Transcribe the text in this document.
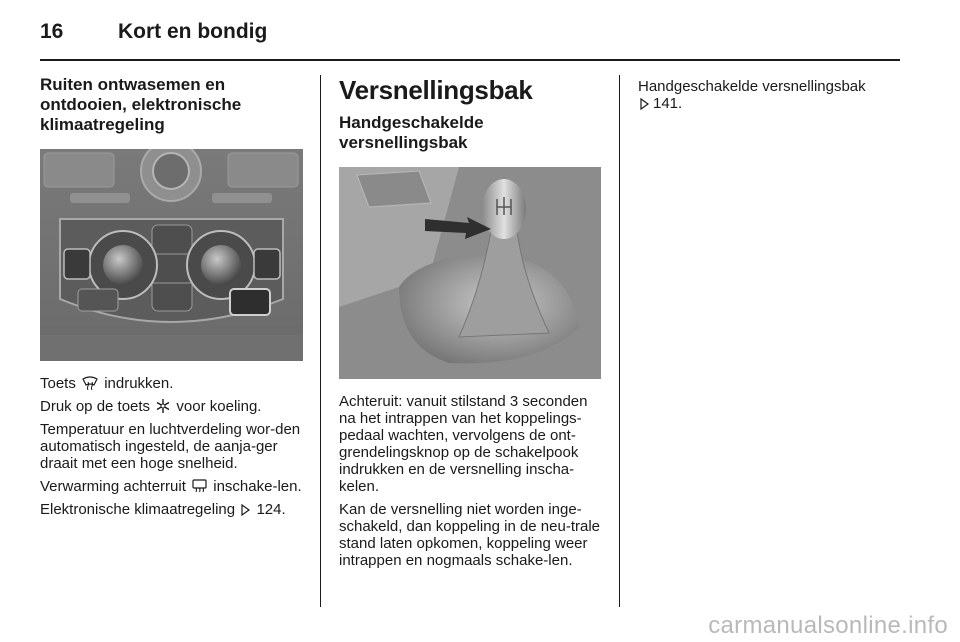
16	Kort en bondig
Ruiten ontwasemen en ontdooien, elektronische klimaatregeling

Toets indrukken.

Druk op de toets voor koeling.

Temperatuur en luchtverdeling wor-den automatisch ingesteld, de aanja-ger draait met een hoge snelheid.

Verwarming achterruit inschake-len.

Elektronische klimaatregeling 124.

Versnellingsbak
Handgeschakelde versnellingsbak

Achteruit: vanuit stilstand 3 seconden na het intrappen van het koppelings-pedaal wachten, vervolgens de ont-grendelingsknop op de schakelpook indrukken en de versnelling inscha-kelen.

Kan de versnelling niet worden inge-schakeld, dan koppeling in de neu-trale stand laten opkomen, koppeling weer intrappen en nogmaals schake-len.

Handgeschakelde versnellingsbak
141.

carmanualsonline.info
